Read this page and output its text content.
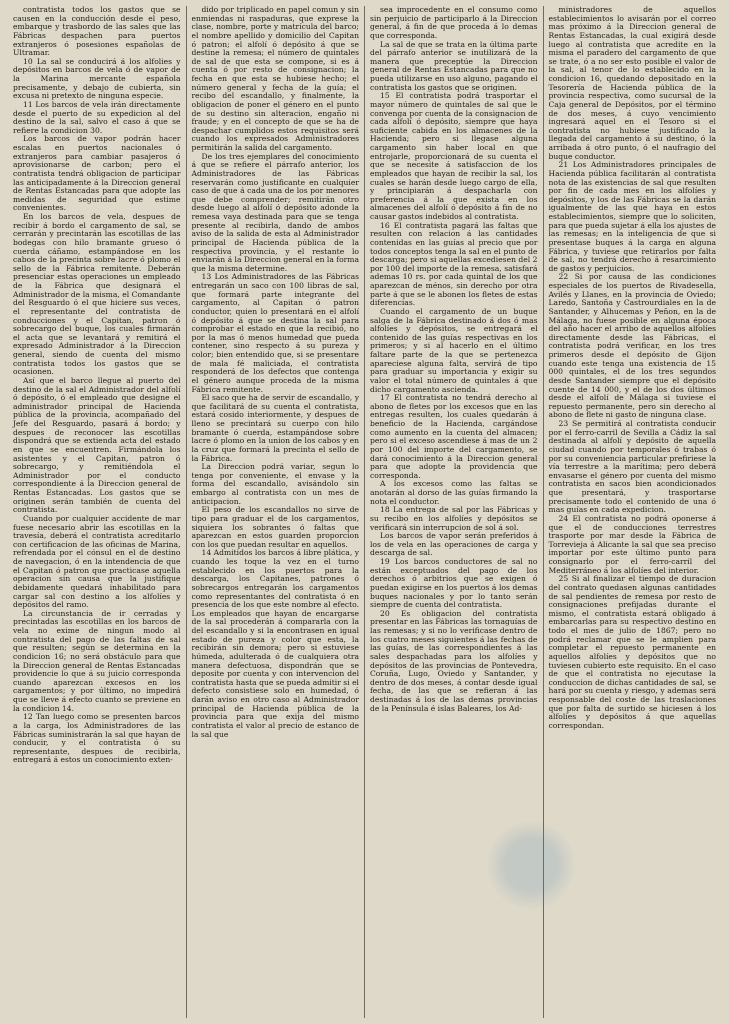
contratista todos los gastos que se causen en la conducción desde el peso, embarque y trasbordo de las sales que las Fábricas despachen para puertos extranjeros ó posesiones españolas de Ultramar.

10 La sal se conducirá á los alfolies y depósitos en barcos de vela ó de vapor de la Marina mercante española precisamente, y debajo de cubierta, sin excusa ni pretexto de ninguna especie.

11 Los barcos de vela irán directamente desde el puerto de su expedicion al del destino de la sal, salvo el caso á que se refiere la condicion 30.

Los barcos de vapor podrán hacer escalas en puertos nacionales ó extranjeros para cambiar pasajeros ó aprovisionarse de carbon; pero el contratista tendrá obligacion de participar las anticipadamente á la Direccion general de Rentas Estancadas para que adopte las medidas de seguridad que estime convenientes.

En los barcos de vela, despues de recibir á bordo el cargamento de sal, se cerrarán y precintarán las escotillas de las bodegas con hilo bramante grueso ó cuerda cáñamo, estampándose en los cabos de la precinta sobre lacre ó plomo el sello de la Fábrica remitente. Deberán presenciar estas operaciones un empleado de la Fábrica que designará el Administrador de la misma, el Comandante del Resguardo ó el que hiciere sus veces, el representante del contratista de conducciones y el Capitan, patron ó sobrecargo del buque, los cuales firmarán el acta que se levantará y remitirá el expresado Administrador á la Direccion general, siendo de cuenta del mismo contratista todos los gastos que se ocasionen.

Así que el barco llegue al puerto del destino de la sal el Administrador del alfolí ó depósito, ó el empleado que designe el administrador principal de Hacienda pública de la provincia, acompañado del Jefe del Resguardo, pasará á bordo; y despues de reconocer las escotillas dispondrá que se extienda acta del estado en que se encuentren. Firmándola los asistentes y el Capitan, patron ó sobrecargo, y remitiéndola el Administrador por el conducto correspondiente á la Direccion general de Rentas Estancadas. Los gastos que se originen serán también de cuenta del contratista.

Cuando por cualquier accidente de mar fuese necesario abrir las escotillas en la travesía, deberá el contratista acreditarlo con certificacion de las oficinas de Marina, refrendada por el cónsul en el de destino de navegacion, ó en la intendencia de que el Capitan ó patron que practicase aquella operacion sin causa que la justifique debidamente quedará inhabilitado para cargar sal con destino a los alfolíes y depósitos del ramo.

La circunstancia de ir cerradas y precintadas las escotillas en los barcos de vela no exime de ningun modo al contratista del pago de las faltas de sal que resulten; según se determina en la condicion 16; no será obstáculo para que la Direccion general de Rentas Estancadas providencie lo que á su juicio corresponda cuando aparezcan excesos en los cargamentos; y por último, no impedirá que se lleve á efecto cuanto se previene en la condicion 14.

12 Tan luego como se presenten barcos a la carga, los Administradores de las Fábricas suministrarán la sal que hayan de conducir, y el contratista ó su representante, despues de recibirla, entregará á estos un conocimiento exten-

dido por triplicado en papel comun y sin enmiendas ni raspaduras, que exprese la clase, nombre, porte y matrícula del barco; el nombre apellido y domicilio del Capitan ó patron; el alfolí ó depósito á que se destine la remesa; el número de quintales de sal de que esta se compone, si es á cuenta ó por resto de consignacion; la fecha en que esta se hubiese hecho; el número general y fecha de la guía; el recibo del escandallo, y finalmente, la obligacion de poner el género en el punto de su destino sin alteracion, engaño ni fraude; y en el concepto de que se ha de despachar cumplidos estos requisitos será cuando los expresados Administradores permitirán la salida del cargamento.

De los tres ejemplares del conocimiento á que se refiere el párrafo anterior, los Administradores de las Fábricas reservarán como justificante en cualquier caso de que á cada una de los por menores que debe comprender; remitirán otro desde luego al alfolí ó depósito adonde la remesa vaya destinada para que se tenga presente al recibirla, dando de ambos aviso de la salida de esta al Administrador principal de Hacienda pública de la respectiva provincia, y el restante lo enviarán á la Direccion general en la forma que la misma determine.

13 Los Administradores de las Fábricas entregarán un saco con 100 libras de sal, que formará parte integrante del cargamento, al Capitan ó patron conductor, quien lo presentará en el alfolí ó depósito á que se destina la sal para comprobar el estado en que la recibió, no por la mas ó menos humedad que pueda contener, sino respecto á su pureza y color; bien entendido que, si se presentare de mala fé maliciada, el contratista responderá de los defectos que contenga el género aunque proceda de la misma Fábrica remitente.

El saco que ha de servir de escandallo, y que facilitará de su cuenta el contratista, estará cosido interiormente, y despues de lleno se precintará su cuerpo con hilo bramante ó cuerda, estampándose sobre lacre ó plomo en la union de los cabos y en la cruz que formará la precinta el sello de la Fábrica.

La Direccion podrá variar, segun lo tenga por conveniente, el envase y la forma del escandallo, avisándolo sin embargo al contratista con un mes de anticipacion.

El peso de los escandallos no sirve de tipo para graduar el de los cargamentos, siquiera los sobrantes ó faltas que aparezcan en estos guarden proporcion con los que puedan resultar en aquellos.

14 Admitidos los barcos á libre plática, y cuando les toque la vez en el turno establecido en los puertos para la descarga, los Capitanes, patrones ó sobrecargos entregarán los cargamentos como representantes del contratista ó en presencia de los que este nombre al efecto. Los empleados que hayan de encargarse de la sal procederán á compararla con la del escandallo y si la encontrasen en igual estado de pureza y color que esta, la recibirán sin demora; pero si estuviese húmeda, adulterada ó de cualquiera otra manera defectuosa, dispondrán que se deposite por cuenta y con intervencion del contratista hasta que se pueda admitir si el defecto consistiese solo en humedad, ó darán aviso en otro caso al Administrador principal de Hacienda pública de la provincia para que exija del mismo contratista el valor al precio de estanco de la sal que

sea improcedente en el consumo como sin perjuicio de participarlo á la Direccion general, á fin de que proceda á lo demas que corresponda.

La sal de que se trata en la última parte del párrafo anterior se inutilizará de la manera que preceptúe la Direccion general de Rentas Estancadas para que no pueda utilizarse en uso alguno, pagando el contratista los gastos que se originen.

15 El contratista podrá trasportar el mayor número de quintales de sal que le convenga por cuenta de la consignacion de cada alfolí ó depósito, siempre que haya suficiente cabida en los almacenes de la Hacienda; pero si llegase alguna cargamento sin haber local en que entrojarle, proporcionará de su cuenta el que se necesite á satisfaccion de los empleados que hayan de recibir la sal, los cuales se harán desde luego cargo de ella, y principiarán á despacharla con preferencia á la que exista en los almacenes del alfolí ó depósito á fin de no causar gastos indebidos al contratista.

16 El contratista pagará las faltas que resulten con relacion á las cantidades contenidas en las guías al precio que por todos conceptos tenga la sal en el punto de descarga; pero si aquellas excediesen del 2 por 100 del importe de la remesa, satisfará ademas 10 rs. por cada quintal de los que aparezcan de ménos, sin derecho por otra parte á que se le abonen los fletes de estas diferencias.

Cuando el cargamento de un buque salga de la Fábrica destinado á dos ó mas alfolíes y depósitos, se entregará el contenido de las guías respectivas en los primeros; y si al hacerlo en el último faltare parte de la que se pertenezca apareciese alguna falta, servirá de tipo para graduar su importancia y exigir su valor el total número de quintales á que dicho cargamento ascienda.

17 El contratista no tendrá derecho al abono de fletes por los excesos que en las entregas resulten, los cuales quedarán á beneficio de la Hacienda, cargándose como aumento en la cuenta del almacen; pero si el exceso ascendiese á mas de un 2 por 100 del importe del cargamento, se dará conocimiento á la Direccion general para que adopte la providencia que corresponda.

A los excesos como las faltas se anotarán al dorso de las guías firmando la nota el conductor.

18 La entrega de sal por las Fábricas y su recibo en los alfolíes y depósitos se verificará sin interrupcion de sol á sol.

Los barcos de vapor serán preferidos á los de vela en las operaciones de carga y descarga de sal.

19 Los barcos conductores de sal no están exceptuados del pago de los derechos ó arbitrios que se exigen ó puedan exigirse en los puertos á los demas buques nacionales y por lo tanto serán siempre de cuenta del contratista.

20 Es obligacion del contratista presentar en las Fábricas las tornaguías de las remesas; y si no lo verificase dentro de los cuatro meses siguientes á las fechas de las guías, de las correspondientes á las sales despachadas para los alfolíes y depósitos de las provincias de Pontevedra, Coruña, Lugo, Oviedo y Santander, y dentro de dos meses, á contar desde igual fecha, de las que se refieran á las destinadas á los de las demas provincias de la Península é islas Baleares, los Ad-

ministradores de aquellos establecimientos lo avisarán por el correo mas próximo á la Direccion general de Rentas Estancadas, la cual exigirá desde luego al contratista que acredite en la misma el paradero del cargamento de que se trate, ó a no ser esto posible el valor de la sal, al tenor de lo establecido en la condicion 16, quedando depositado en la Tesorería de Hacienda pública de la provincia respectiva, como sucursal de la Caja general de Depósitos, por el término de dos meses, á cuyo vencimiento ingresará aquel en el Tesoro si el contratista no hubiese justificado la llegada del cargamento á su destino, ó la arribada á otro punto, ó el naufragio del buque conductor.

21 Los Administradores principales de Hacienda pública facilitarán al contratista nota de las existencias de sal que resulten por fin de cada mes en los alfolíes y depósitos, y los de las Fábricas se la darán igualmente de las que haya en estos establecimientos, siempre que lo soliciten, para que pueda sujetar á ella los ajustes de las remesas; en la inteligencia de que si presentase buques á la carga en alguna Fábrica, y tuviese que retirarlos por falta de sal, no tendrá derecho á resarcimiento de gastos y perjuicios.

22 Si por causa de las condiciones especiales de los puertos de Rivadesella, Avilés y Llanes, en la provincia de Oviedo; Laredo, Santoña y Castrourdiales en la de Santander, y Alhucemas y Peñon, en la de Málaga, no fuese posible en alguna época del año hacer el arribo de aquellos alfolíes directamente desde las Fábricas, el contratista podrá verificar, en los tres primeros desde el depósito de Gijon cuando este tenga una existencia de 15 000 quintales, el de los tres segundos desde Santander siempre que el depósito cuente de 14 000, y el de los dos últimos desde el alfolí de Málaga si tuviese el repuesto permanente, pero sin derecho al abono de flete ni gasto de ninguna clase.

23 Se permitirá al contratista conducir por el ferro-carril de Sevilla a Cádiz la sal destinada al alfolí y depósito de aquella ciudad cuando por temporales ó trabas ó por su conveniencia particular prefiriese la vía terrestre a la marítima; pero deberá envasarse el género por cuenta del mismo contratista en sacos bien acondicionados que presentará, y trasportarse precisamente todo el contenido de una ó mas guías en cada expedicion.

24 El contratista no podrá oponerse á que el de conducciones terrestres trasporte por mar desde la Fábrica de Torrevieja á Alicante la sal que sea preciso importar por este último punto para consignarlo por el ferro-carril del Mediterráneo á los alfolíes del interior.

25 Si al finalizar el tiempo de duracion del contrato quedasen algunas cantidades de sal pendientes de remesa por resto de consignaciones prefijadas durante el mismo, el contratista estará obligado á embarcarlas para su respectivo destino en todo el mes de julio de 1867; pero no podrá reclamar que se le amplien para completar el repuesto permanente en aquellos alfolíes y depósitos que no tuviesen cubierto este requisito. En el caso de que el contratista no ejecutase la conduccion de dichas cantidades de sal, se hará por su cuenta y riesgo, y ademas será responsable del coste de las traslaciones que por falta de surtido se hiciesen á los alfolíes y depósitos á que aquellas correspondan.
